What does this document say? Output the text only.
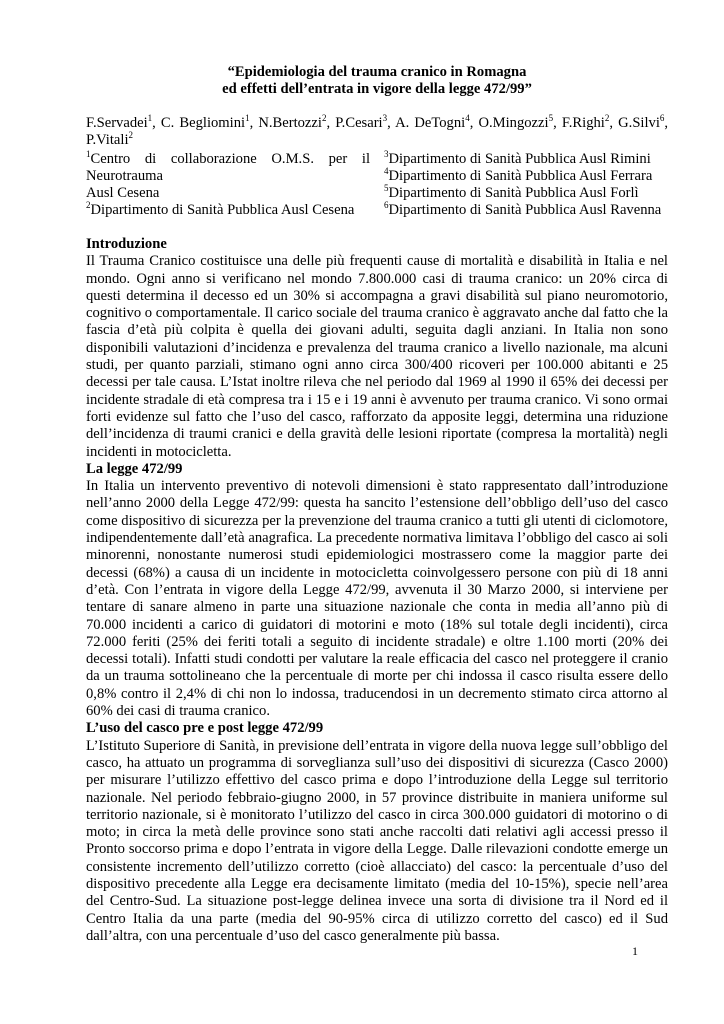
“Epidemiologia del trauma cranico in Romagna

ed effetti dell’entrata in vigore della legge 472/99”

F.Servadei$^1$, C. Begliomini$^1$, N.Bertozzi$^2$, P.Cesari$^3$, A. DeTogni$^4$, O.Mingozzi$^5$, F.Righi$^2$, G.Silvi$^6$, P.Vitali$^2$

$^1$Centro di collaborazione O.M.S. per il

Neurotrauma

Ausl Cesena

$^2$Dipartimento di Sanità Pubblica Ausl Cesena

$^3$Dipartimento di Sanità Pubblica Ausl Rimini

$^4$Dipartimento di Sanità Pubblica Ausl Ferrara

$^5$Dipartimento di Sanità Pubblica Ausl Forlì

$^6$Dipartimento di Sanità Pubblica Ausl Ravenna

Introduzione

Il Trauma Cranico costituisce una delle più frequenti cause di mortalità e disabilità in Italia e nel mondo. Ogni anno si verificano nel mondo 7.800.000 casi di trauma cranico: un 20% circa di questi determina il decesso ed un 30% si accompagna a gravi disabilità sul piano neuromotorio, cognitivo o comportamentale. Il carico sociale del trauma cranico è aggravato anche dal fatto che la fascia d’età più colpita è quella dei giovani adulti, seguita dagli anziani. In Italia non sono disponibili valutazioni d’incidenza e prevalenza del trauma cranico a livello nazionale, ma alcuni studi, per quanto parziali, stimano ogni anno circa 300/400 ricoveri per 100.000 abitanti e 25 decessi per tale causa. L’Istat inoltre rileva che nel periodo dal 1969 al 1990 il 65% dei decessi per incidente stradale di età compresa tra i 15 e i 19 anni è avvenuto per trauma cranico. Vi sono ormai forti evidenze sul fatto che l’uso del casco, rafforzato da apposite leggi, determina una riduzione dell’incidenza di traumi cranici e della gravità delle lesioni riportate (compresa la mortalità) negli incidenti in motocicletta.

La legge 472/99

In Italia un intervento preventivo di notevoli dimensioni è stato rappresentato dall’introduzione nell’anno 2000 della Legge 472/99: questa ha sancito l’estensione dell’obbligo dell’uso del casco come dispositivo di sicurezza per la prevenzione del trauma cranico a tutti gli utenti di ciclomotore, indipendentemente dall’età anagrafica. La precedente normativa limitava l’obbligo del casco ai soli minorenni, nonostante numerosi studi epidemiologici mostrassero come la maggior parte dei decessi (68%) a causa di un incidente in motocicletta coinvolgessero persone con più di 18 anni d’età. Con l’entrata in vigore della Legge 472/99, avvenuta il 30 Marzo 2000, si interviene per tentare di sanare almeno in parte una situazione nazionale che conta in media all’anno più di 70.000 incidenti a carico di guidatori di motorini e moto (18% sul totale degli incidenti), circa 72.000 feriti (25% dei feriti totali a seguito di incidente stradale) e oltre 1.100 morti (20% dei decessi totali). Infatti studi condotti per valutare la reale efficacia del casco nel proteggere il cranio da un trauma sottolineano che la percentuale di morte per chi indossa il casco risulta essere dello 0,8% contro il 2,4% di chi non lo indossa, traducendosi in un decremento stimato circa attorno al 60% dei casi di trauma cranico.

L’uso del casco pre e post legge 472/99

L’Istituto Superiore di Sanità, in previsione dell’entrata in vigore della nuova legge sull’obbligo del casco, ha attuato un programma di sorveglianza sull’uso dei dispositivi di sicurezza (Casco 2000) per misurare l’utilizzo effettivo del casco prima e dopo l’introduzione della Legge sul territorio nazionale. Nel periodo febbraio-giugno 2000, in 57 province distribuite in maniera uniforme sul territorio nazionale, si è monitorato l’utilizzo del casco in circa 300.000 guidatori di motorino o di moto; in circa la metà delle province sono stati anche raccolti dati relativi agli accessi presso il Pronto soccorso prima e dopo l’entrata in vigore della Legge. Dalle rilevazioni condotte emerge un consistente incremento dell’utilizzo corretto (cioè allacciato) del casco: la percentuale d’uso del dispositivo precedente alla Legge era decisamente limitato (media del 10-15%), specie nell’area del Centro-Sud. La situazione post-legge delinea invece una sorta di divisione tra il Nord ed il Centro Italia da una parte (media del 90-95% circa di utilizzo corretto del casco) ed il Sud dall’altra, con una percentuale d’uso del casco generalmente più bassa.

1
